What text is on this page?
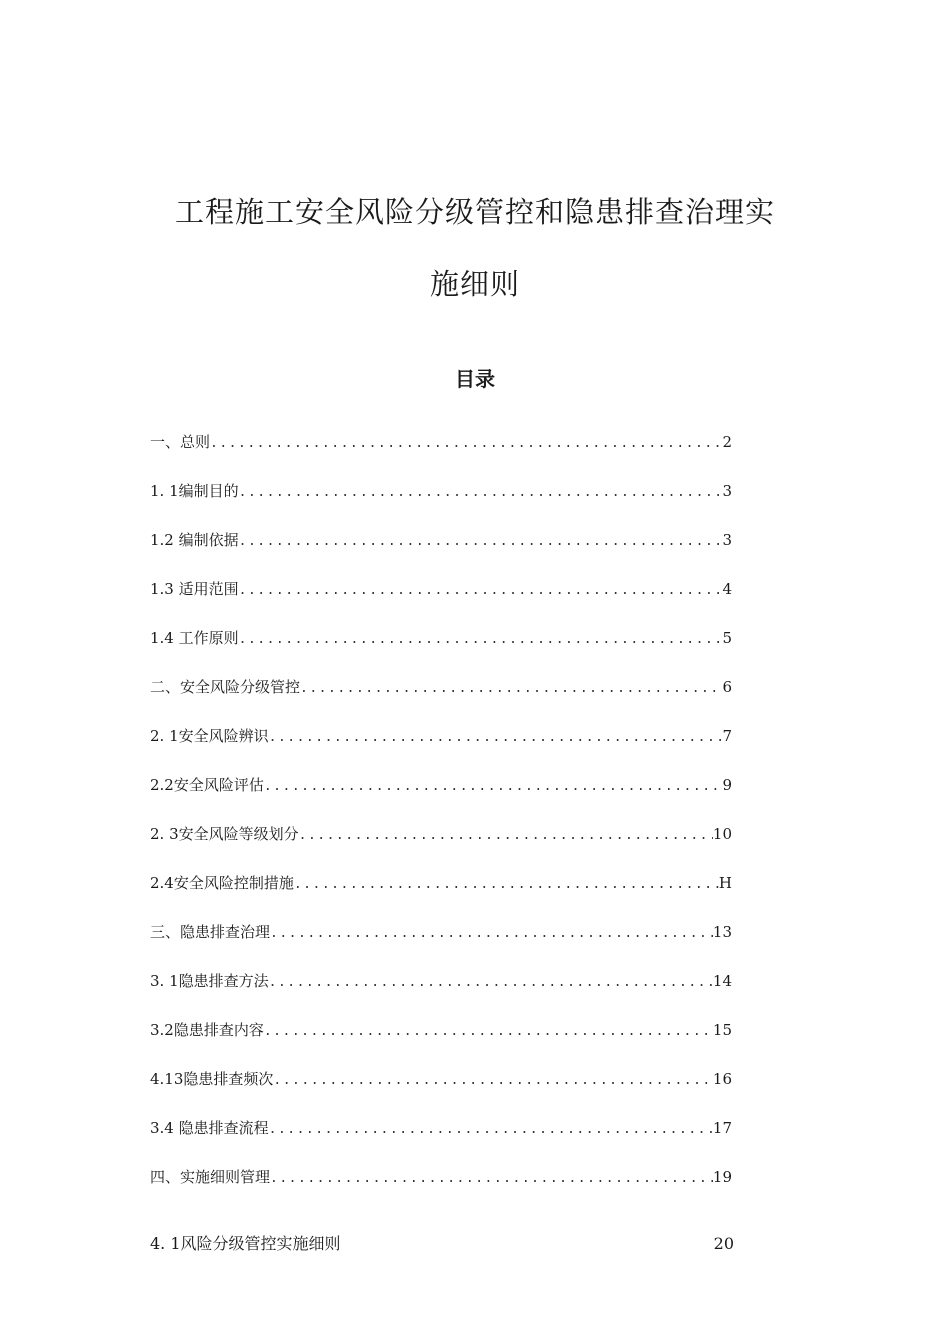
工程施工安全风险分级管控和隐患排查治理实
施细则
目录
一、总则 .....	2
1. 1编制目的 .....	3
1.2 编制依据 .....	3
1.3 适用范围 .....	4
1.4 工作原则 .....	5
二、安全风险分级管控 .....	6
2. 1安全风险辨识 .....	7
2.2安全风险评估 .....	9
2. 3安全风险等级划分 .....	10
2.4安全风险控制措施 .....	H
三、隐患排查治理 .....	13
3. 1隐患排查方法 .....	14
3.2隐患排查内容 .....	15
4.13隐患排查频次 .....	16
3.4 隐患排查流程 .....	17
四、实施细则管理 .....	19
4. 1风险分级管控实施细则	20
